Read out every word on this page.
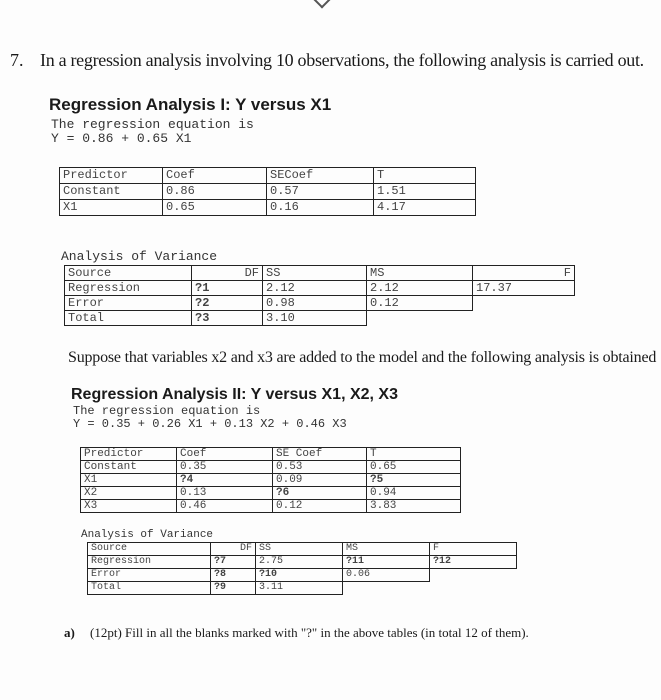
7. In a regression analysis involving 10 observations, the following analysis is carried out.
Regression Analysis I: Y versus X1
The regression equation is
Y = 0.86 + 0.65 X1
Predictor	Coef	SECoef	T
Constant	0.86	0.57	1.51
X1	0.65	0.16	4.17
Analysis of Variance
Source	DF	SS	MS	F
Regression	?1	2.12	2.12	17.37
Error	?2	0.98	0.12	
Total	?3	3.10		
Suppose that variables x2 and x3 are added to the model and the following analysis is obtained
Regression Analysis II: Y versus X1, X2, X3
The regression equation is
Y = 0.35 + 0.26 X1 + 0.13 X2 + 0.46 X3
Predictor	Coef	SE Coef	T
Constant	0.35	0.53	0.65
X1	?4	0.09	?5
X2	0.13	?6	0.94
X3	0.46	0.12	3.83
Analysis of Variance
Source	DF	SS	MS	F
Regression	?7	2.75	?11	?12
Error	?8	?10	0.06	
Total	?9	3.11		
a) (12pt) Fill in all the blanks marked with "?" in the above tables (in total 12 of them).
